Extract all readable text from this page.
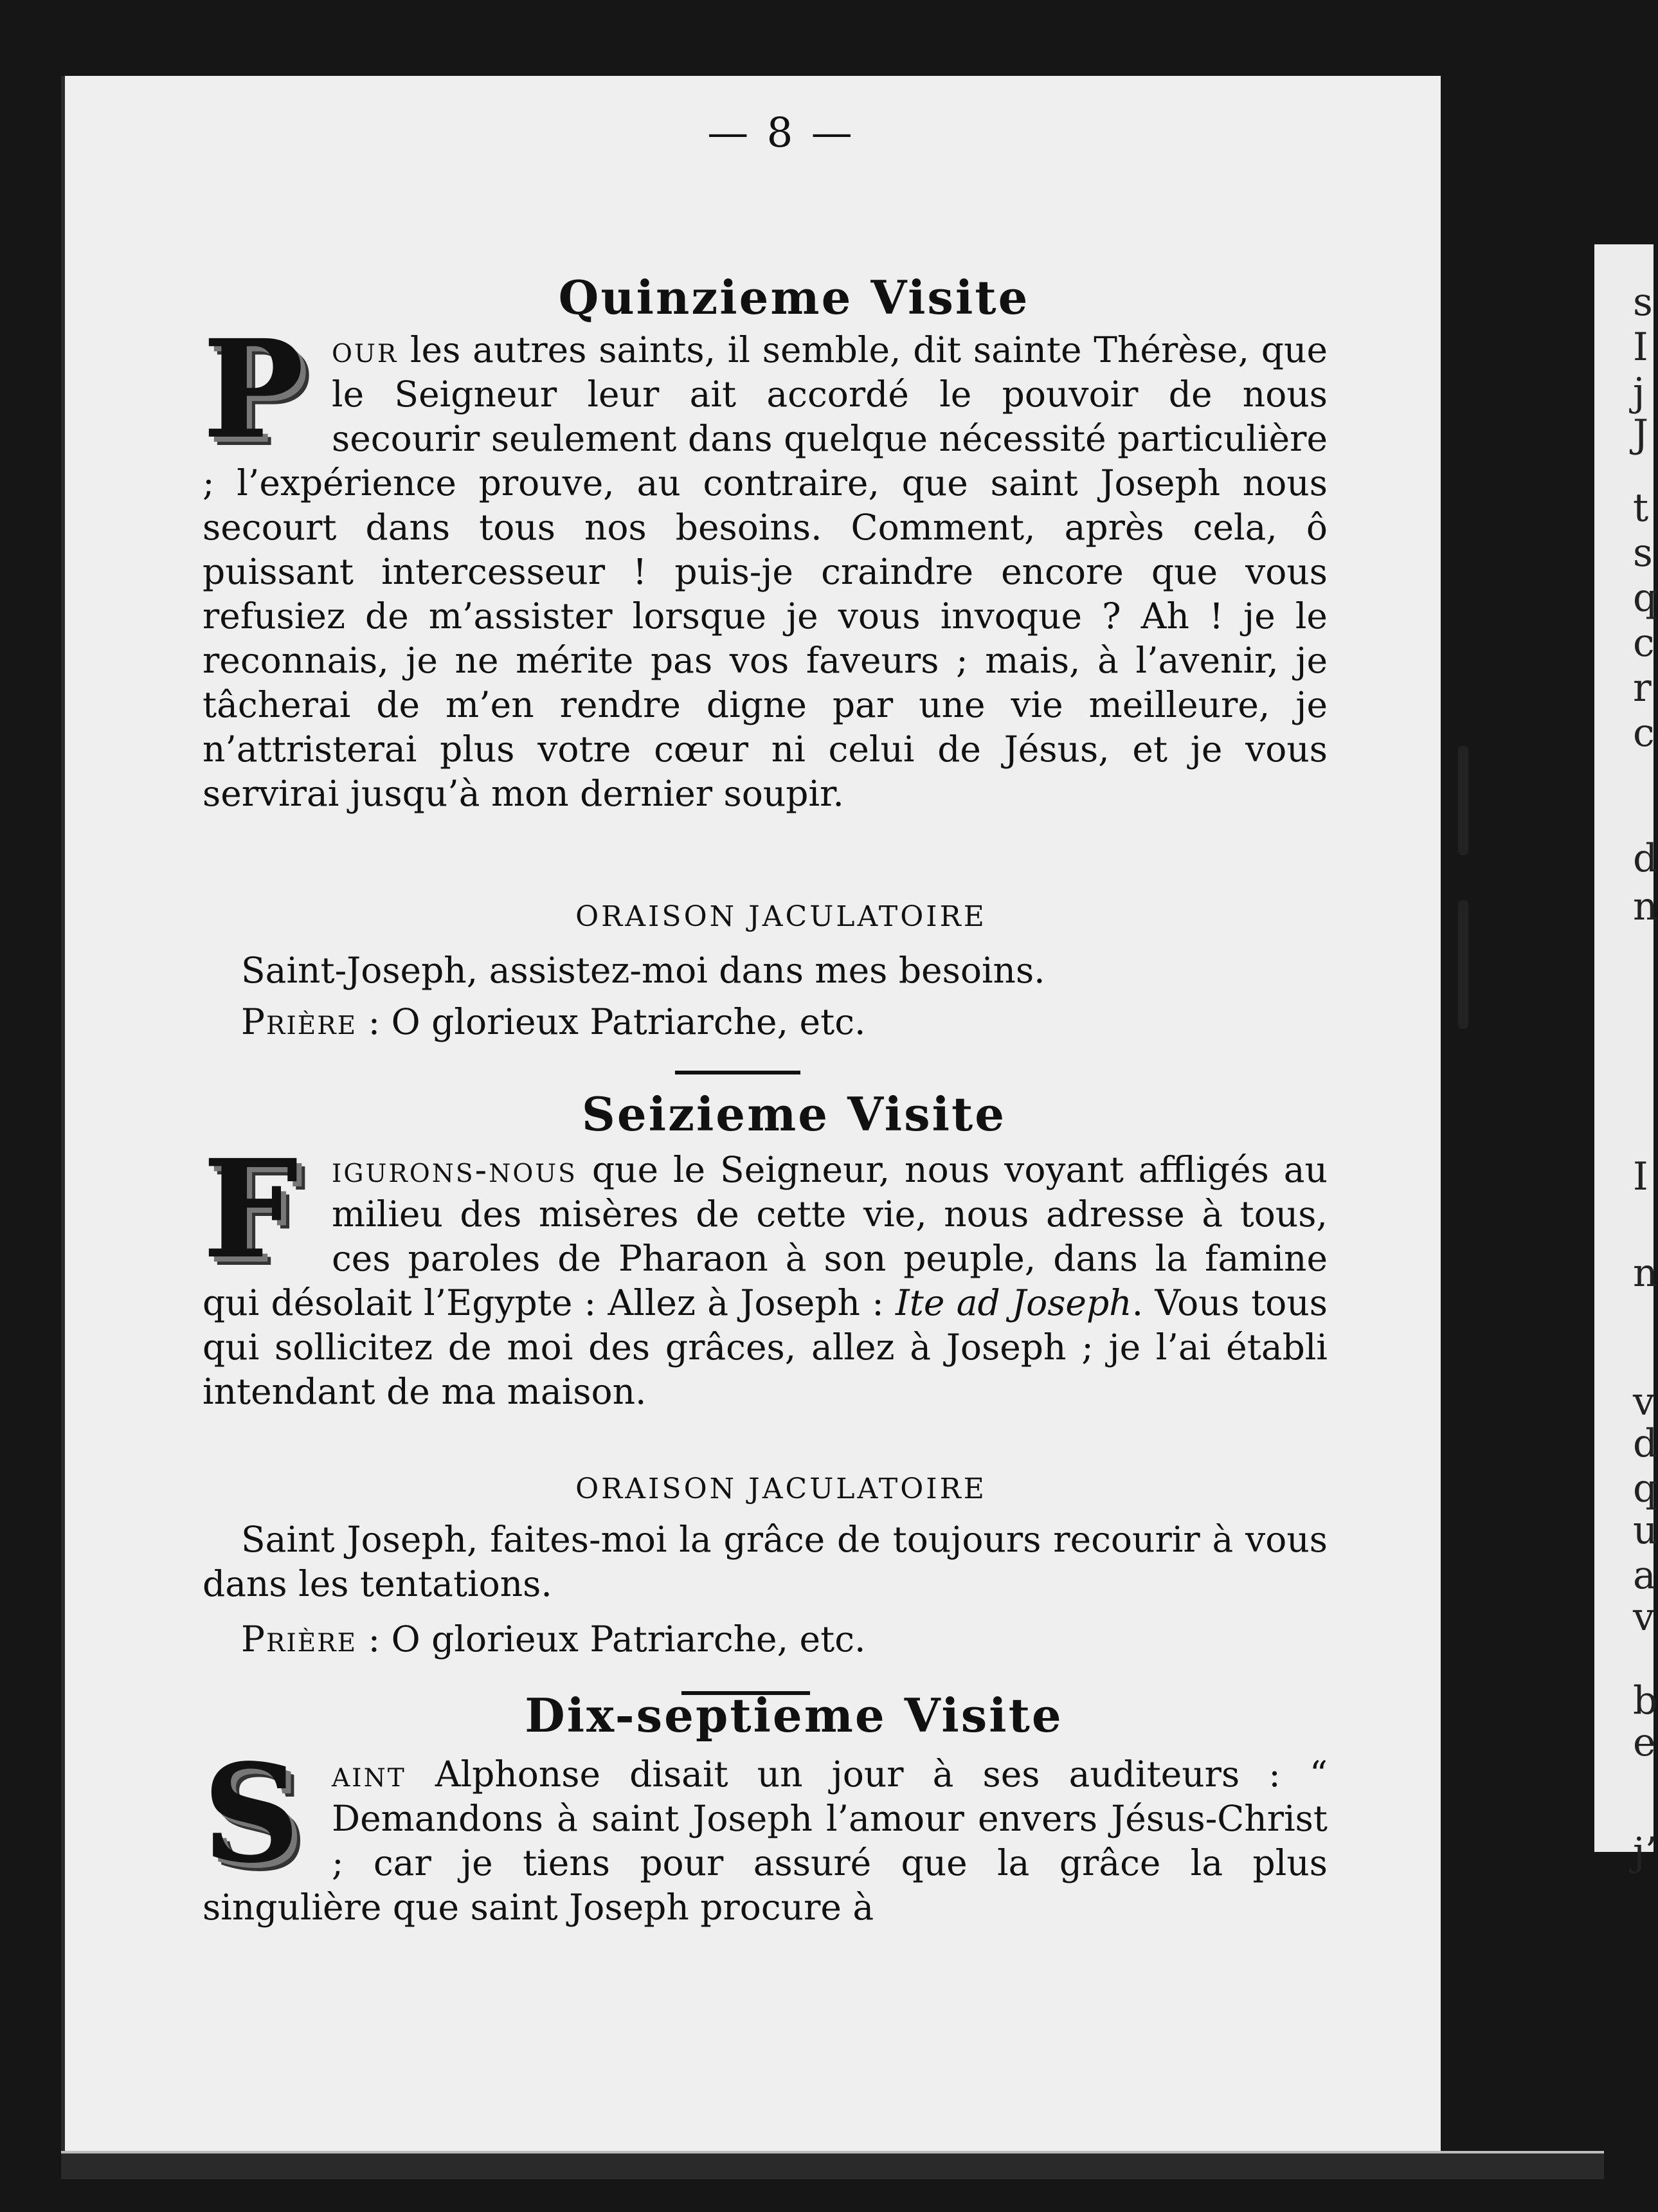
s
I
j
J
t
s
q
c
r
c
d
n
I
n
v
d
q
u
a
v
b
e
j’
— 8 —
Quinzieme Visite
Pour les autres saints, il semble, dit sainte Thérèse, que le Seigneur leur ait accordé le pouvoir de nous secourir seulement dans quelque nécessité particulière ; l’expérience prouve, au contraire, que saint Joseph nous secourt dans tous nos besoins. Comment, après cela, ô puissant intercesseur ! puis-je craindre encore que vous refusiez de m’assister lorsque je vous invoque ? Ah ! je le reconnais, je ne mérite pas vos faveurs ; mais, à l’avenir, je tâcherai de m’en rendre digne par une vie meilleure, je n’attristerai plus votre cœur ni celui de Jésus, et je vous servirai jusqu’à mon dernier soupir.
ORAISON JACULATOIRE
Saint-Joseph, assistez-moi dans mes besoins.
Prière : O glorieux Patriarche, etc.
Seizieme Visite
Figurons-nous que le Seigneur, nous voyant affligés au milieu des misères de cette vie, nous adresse à tous, ces paroles de Pharaon à son peuple, dans la famine qui désolait l’Egypte : Allez à Joseph : Ite ad Joseph. Vous tous qui sollicitez de moi des grâces, allez à Joseph ; je l’ai établi intendant de ma maison.
ORAISON JACULATOIRE
Saint Joseph, faites-moi la grâce de toujours recourir à vous dans les tentations.
Prière : O glorieux Patriarche, etc.
Dix-septieme Visite
Saint Alphonse disait un jour à ses auditeurs : “ Demandons à saint Joseph l’amour envers Jésus-Christ ; car je tiens pour assuré que la grâce la plus singulière que saint Joseph procure à
